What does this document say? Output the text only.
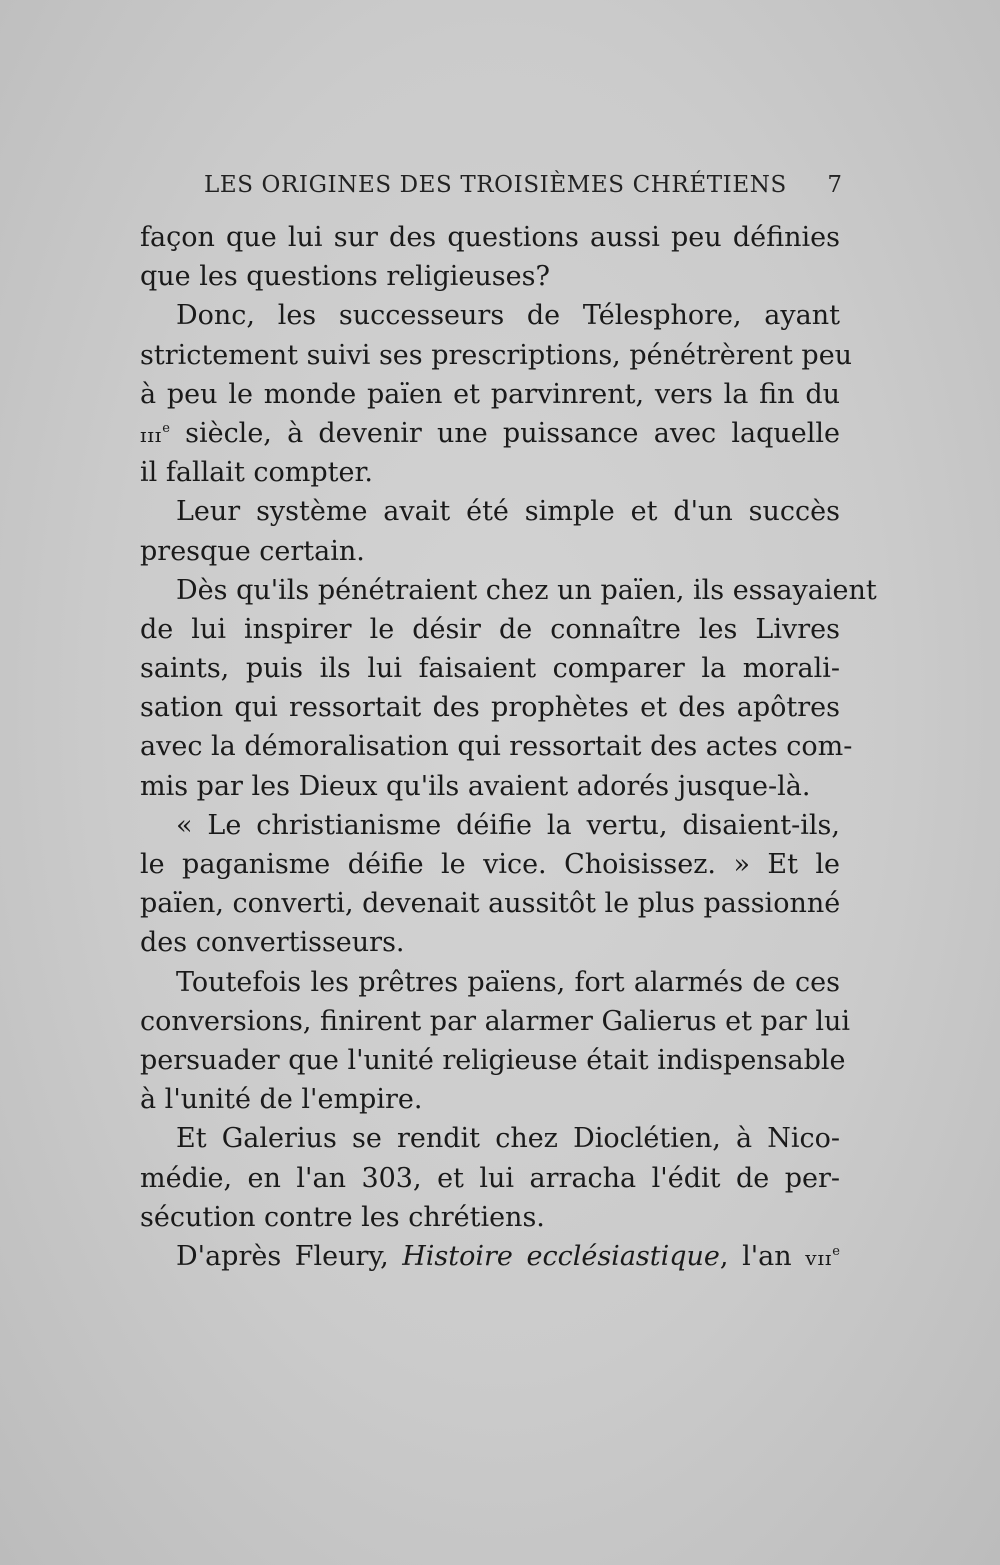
LES ORIGINES DES TROISIÈMES CHRÉTIENS 7
façon que lui sur des questions aussi peu définies
que les questions religieuses?
Donc, les successeurs de Télesphore, ayant
strictement suivi ses prescriptions, pénétrèrent peu
à peu le monde païen et parvinrent, vers la fin du
ɪɪɪ$^e$ siècle, à devenir une puissance avec laquelle
il fallait compter.
Leur système avait été simple et d'un succès
presque certain.
Dès qu'ils pénétraient chez un païen, ils essayaient
de lui inspirer le désir de connaître les Livres
saints, puis ils lui faisaient comparer la morali-
sation qui ressortait des prophètes et des apôtres
avec la démoralisation qui ressortait des actes com-
mis par les Dieux qu'ils avaient adorés jusque-là.
« Le christianisme déifie la vertu, disaient-ils,
le paganisme déifie le vice. Choisissez. » Et le
païen, converti, devenait aussitôt le plus passionné
des convertisseurs.
Toutefois les prêtres païens, fort alarmés de ces
conversions, finirent par alarmer Galierus et par lui
persuader que l'unité religieuse était indispensable
à l'unité de l'empire.
Et Galerius se rendit chez Dioclétien, à Nico-
médie, en l'an 303, et lui arracha l'édit de per-
sécution contre les chrétiens.
D'après Fleury, Histoire ecclésiastique, l'an vɪɪ$^e$
